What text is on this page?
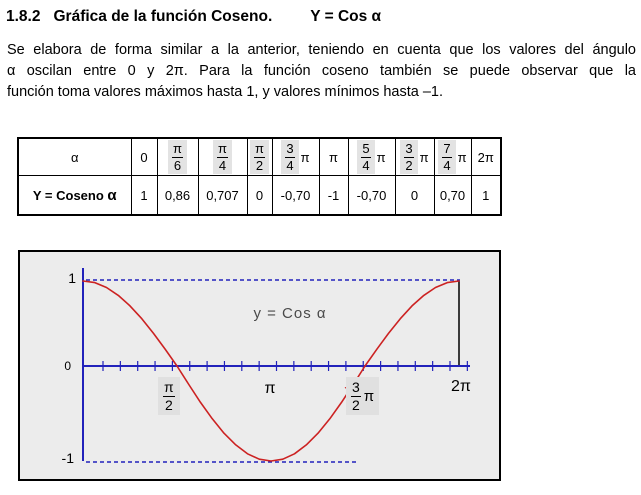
1.8.2 Gráfica de la función Coseno. Y = Cos α
Se elabora de forma similar a la anterior, teniendo en cuenta que los valores del ángulo
α oscilan entre 0 y 2π. Para la función coseno también se puede observar que la
función toma valores máximos hasta 1, y valores mínimos hasta –1.
α	0	$\frac{\pi}{6}$	$\frac{\pi}{4}$	$\frac{\pi}{2}$	$\frac{3}{4}$ π	π	$\frac{5}{4}$ π	$\frac{3}{2}$ π	$\frac{7}{4}$ π	2π
Y = Coseno α	1	0,86	0,707	0	-0,70	-1	-0,70	0	0,70	1
1
0
-1
y = Cos α
$\frac{\pi}{2}$	π	$\frac{3}{2}$ π
2π
